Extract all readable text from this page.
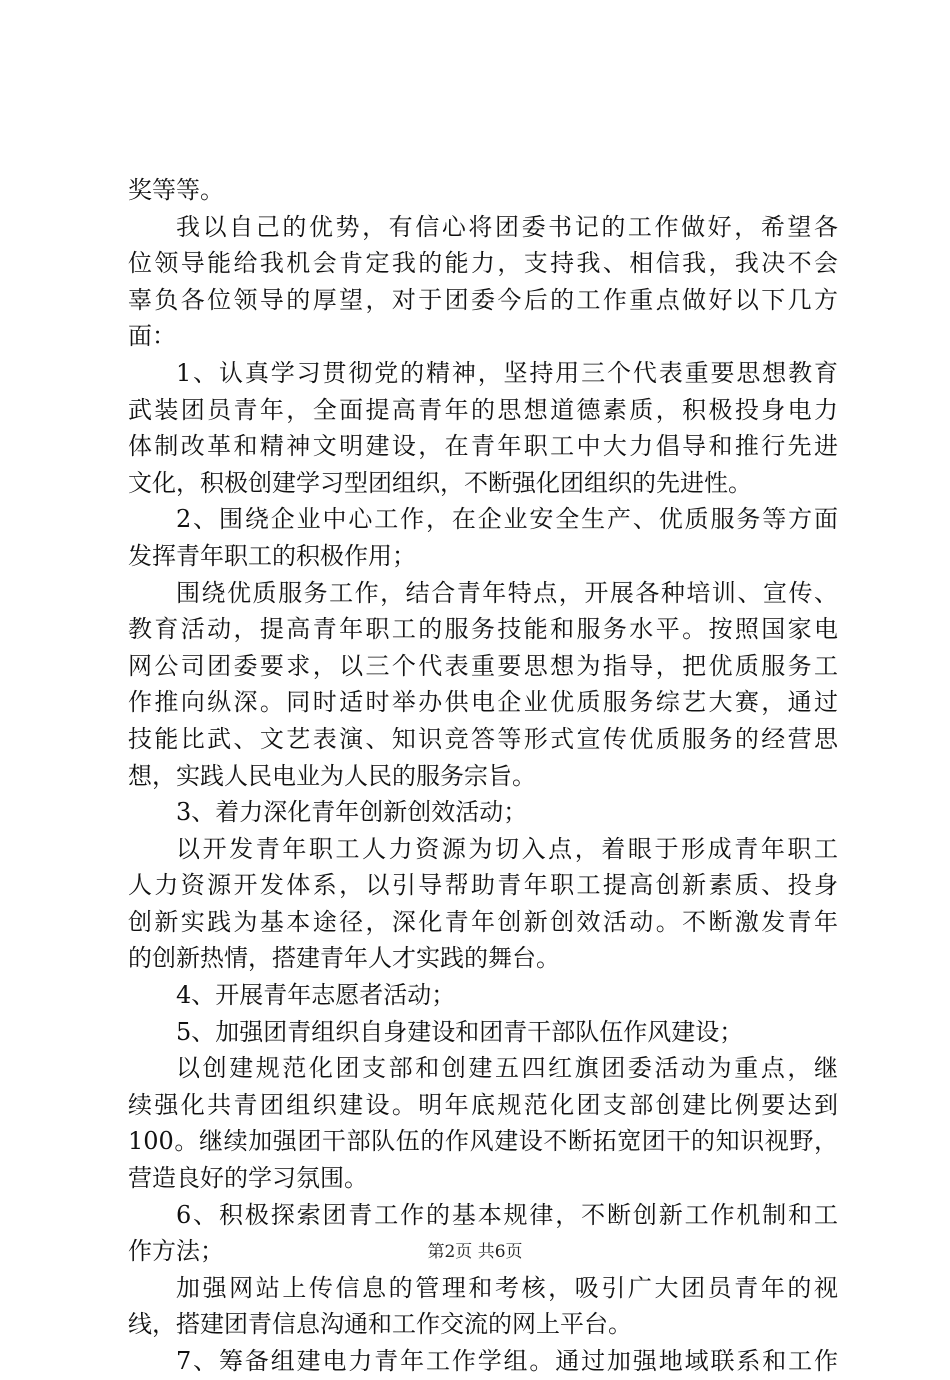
奖等等。
我以自己的优势，有信心将团委书记的工作做好，希望各
位领导能给我机会肯定我的能力，支持我、相信我，我决不会
辜负各位领导的厚望，对于团委今后的工作重点做好以下几方
面：
1、认真学习贯彻党的精神，坚持用三个代表重要思想教育
武装团员青年，全面提高青年的思想道德素质，积极投身电力
体制改革和精神文明建设，在青年职工中大力倡导和推行先进
文化，积极创建学习型团组织，不断强化团组织的先进性。
2、围绕企业中心工作，在企业安全生产、优质服务等方面
发挥青年职工的积极作用；
围绕优质服务工作，结合青年特点，开展各种培训、宣传、
教育活动，提高青年职工的服务技能和服务水平。按照国家电
网公司团委要求，以三个代表重要思想为指导，把优质服务工
作推向纵深。同时适时举办供电企业优质服务综艺大赛，通过
技能比武、文艺表演、知识竞答等形式宣传优质服务的经营思
想，实践人民电业为人民的服务宗旨。
3、着力深化青年创新创效活动；
以开发青年职工人力资源为切入点，着眼于形成青年职工
人力资源开发体系，以引导帮助青年职工提高创新素质、投身
创新实践为基本途径，深化青年创新创效活动。不断激发青年
的创新热情，搭建青年人才实践的舞台。
4、开展青年志愿者活动；
5、加强团青组织自身建设和团青干部队伍作风建设；
以创建规范化团支部和创建五四红旗团委活动为重点，继
续强化共青团组织建设。明年底规范化团支部创建比例要达到
100。继续加强团干部队伍的作风建设不断拓宽团干的知识视野，
营造良好的学习氛围。
6、积极探索团青工作的基本规律，不断创新工作机制和工
作方法；
加强网站上传信息的管理和考核，吸引广大团员青年的视
线，搭建团青信息沟通和工作交流的网上平台。
7、筹备组建电力青年工作学组。通过加强地域联系和工作
第2页 共6页
